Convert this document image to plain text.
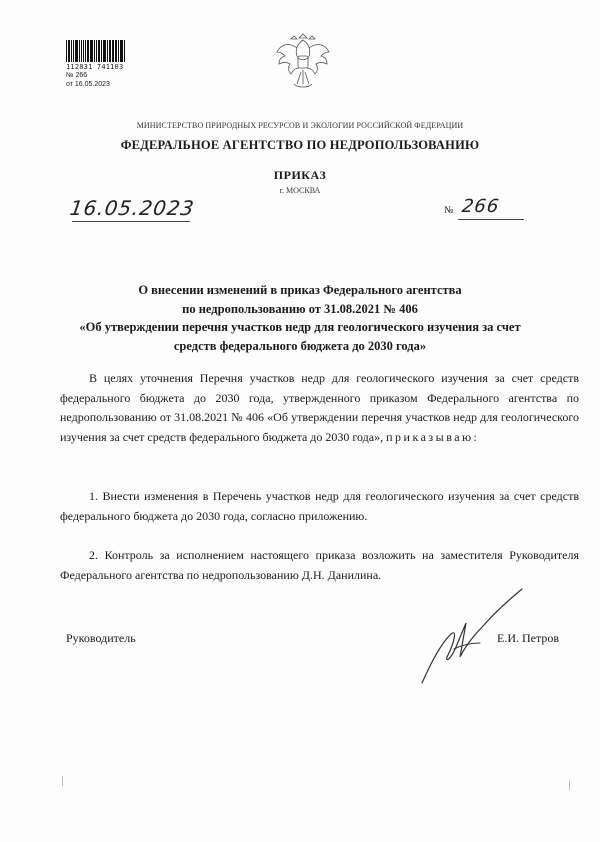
112831 741103
№ 266
от 16.05.2023
МИНИСТЕРСТВО ПРИРОДНЫХ РЕСУРСОВ И ЭКОЛОГИИ РОССИЙСКОЙ ФЕДЕРАЦИИ
ФЕДЕРАЛЬНОЕ АГЕНТСТВО ПО НЕДРОПОЛЬЗОВАНИЮ
ПРИКАЗ
г. МОСКВА
16.05.2023	№ 266
О внесении изменений в приказ Федерального агентства
по недропользованию от 31.08.2021 № 406
«Об утверждении перечня участков недр для геологического изучения за счет
средств федерального бюджета до 2030 года»
В целях уточнения Перечня участков недр для геологического изучения за счет средств федерального бюджета до 2030 года, утвержденного приказом Федерального агентства по недропользованию от 31.08.2021 № 406 «Об утверждении перечня участков недр для геологического изучения за счет средств федерального бюджета до 2030 года», приказываю:
1. Внести изменения в Перечень участков недр для геологического изучения за счет средств федерального бюджета до 2030 года, согласно приложению.
2. Контроль за исполнением настоящего приказа возложить на заместителя Руководителя Федерального агентства по недропользованию Д.Н. Данилина.
Руководитель	Е.И. Петров
